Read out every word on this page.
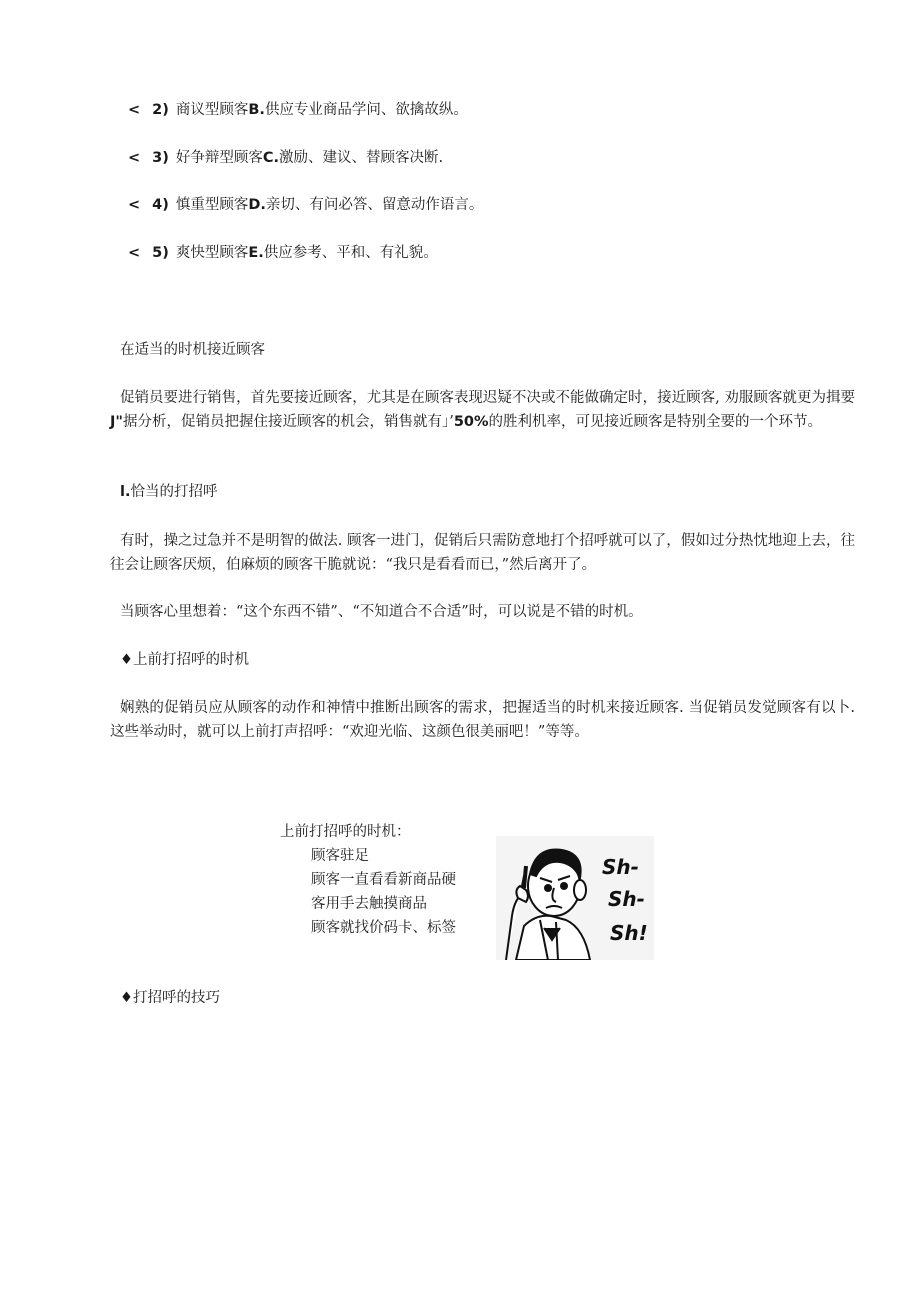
< 2) 商议型顾客B.供应专业商品学问、欲擒故纵。
< 3) 好争辩型顾客C.激励、建议、替顾客决断.
< 4) 慎重型顾客D.亲切、有问必答、留意动作语言。
< 5) 爽快型顾客E.供应参考、平和、有礼貌。
在适当的时机接近顾客
促销员要进行销售，首先要接近顾客，尤其是在顾客表现迟疑不决或不能做确定时，接近顾客, 劝服顾客就更为揖要J"据分析，促销员把握住接近顾客的机会，销售就有」’50%的胜利机率，可见接近顾客是特别全要的一个环节。
l.恰当的打招呼
有时，操之过急并不是明智的做法. 顾客一进门，促销后只需防意地打个招呼就可以了，假如过分热忱地迎上去，往往会让顾客厌烦，伯麻烦的顾客干脆就说：“我只是看看而已，”然后离开了。
当顾客心里想着：“这个东西不错”、“不知道合不合适”时，可以说是不错的时机。
♦上前打招呼的时机
娴熟的促销员应从顾客的动作和神情中推断出顾客的需求，把握适当的时机来接近顾客. 当促销员发觉顾客有以卜. 这些举动时，就可以上前打声招呼：“欢迎光临、这颜色很美丽吧！”等等。
上前打招呼的时机：
顾客驻足
顾客一直看看新商品硬
客用手去触摸商品
顾客就找价码卡、标签
Sh-
Sh-
Sh!
♦打招呼的技巧
